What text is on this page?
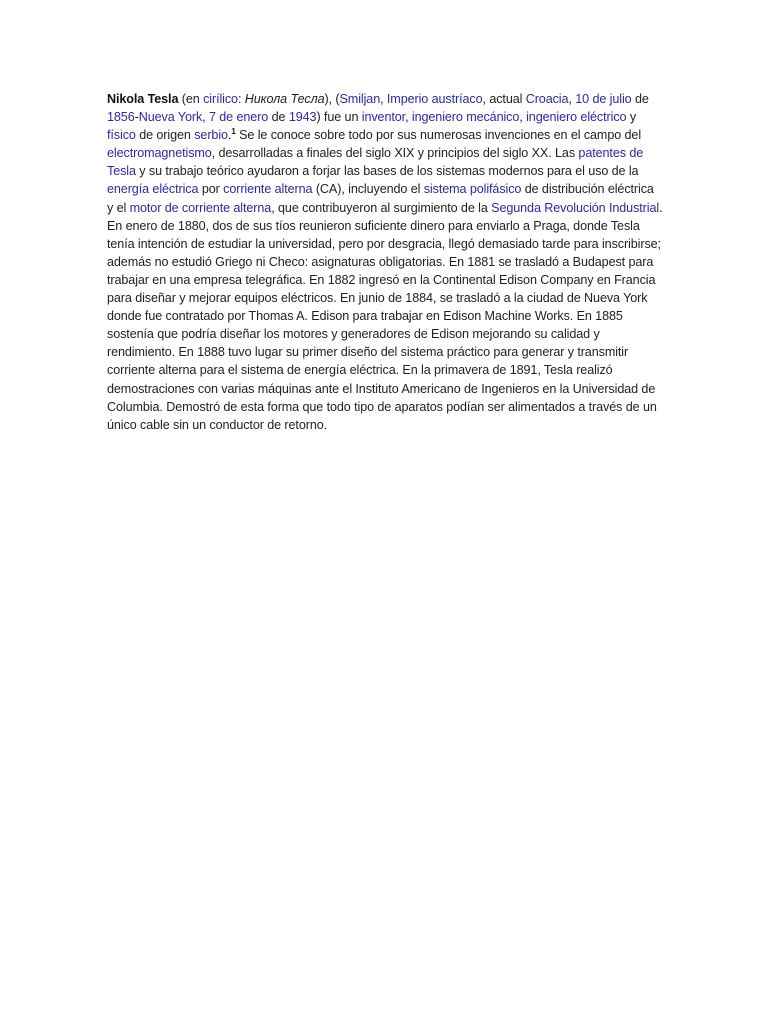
Nikola Tesla (en cirílico: Никола Тесла), (Smiljan, Imperio austríaco, actual Croacia, 10 de julio de 1856-Nueva York, 7 de enero de 1943) fue un inventor, ingeniero mecánico, ingeniero eléctrico y físico de origen serbio.$^1$ Se le conoce sobre todo por sus numerosas invenciones en el campo del electromagnetismo, desarrolladas a finales del siglo XIX y principios del siglo XX. Las patentes de Tesla y su trabajo teórico ayudaron a forjar las bases de los sistemas modernos para el uso de la energía eléctrica por corriente alterna (CA), incluyendo el sistema polifásico de distribución eléctrica y el motor de corriente alterna, que contribuyeron al surgimiento de la Segunda Revolución Industrial. En enero de 1880, dos de sus tíos reunieron suficiente dinero para enviarlo a Praga, donde Tesla tenía intención de estudiar la universidad, pero por desgracia, llegó demasiado tarde para inscribirse; además no estudió Griego ni Checo: asignaturas obligatorias. En 1881 se trasladó a Budapest para trabajar en una empresa telegráfica. En 1882 ingresó en la Continental Edison Company en Francia para diseñar y mejorar equipos eléctricos. En junio de 1884, se trasladó a la ciudad de Nueva York donde fue contratado por Thomas A. Edison para trabajar en Edison Machine Works. En 1885 sostenía que podría diseñar los motores y generadores de Edison mejorando su calidad y rendimiento. En 1888 tuvo lugar su primer diseño del sistema práctico para generar y transmitir corriente alterna para el sistema de energía eléctrica. En la primavera de 1891, Tesla realizó demostraciones con varias máquinas ante el Instituto Americano de Ingenieros en la Universidad de Columbia. Demostró de esta forma que todo tipo de aparatos podían ser alimentados a través de un único cable sin un conductor de retorno.
